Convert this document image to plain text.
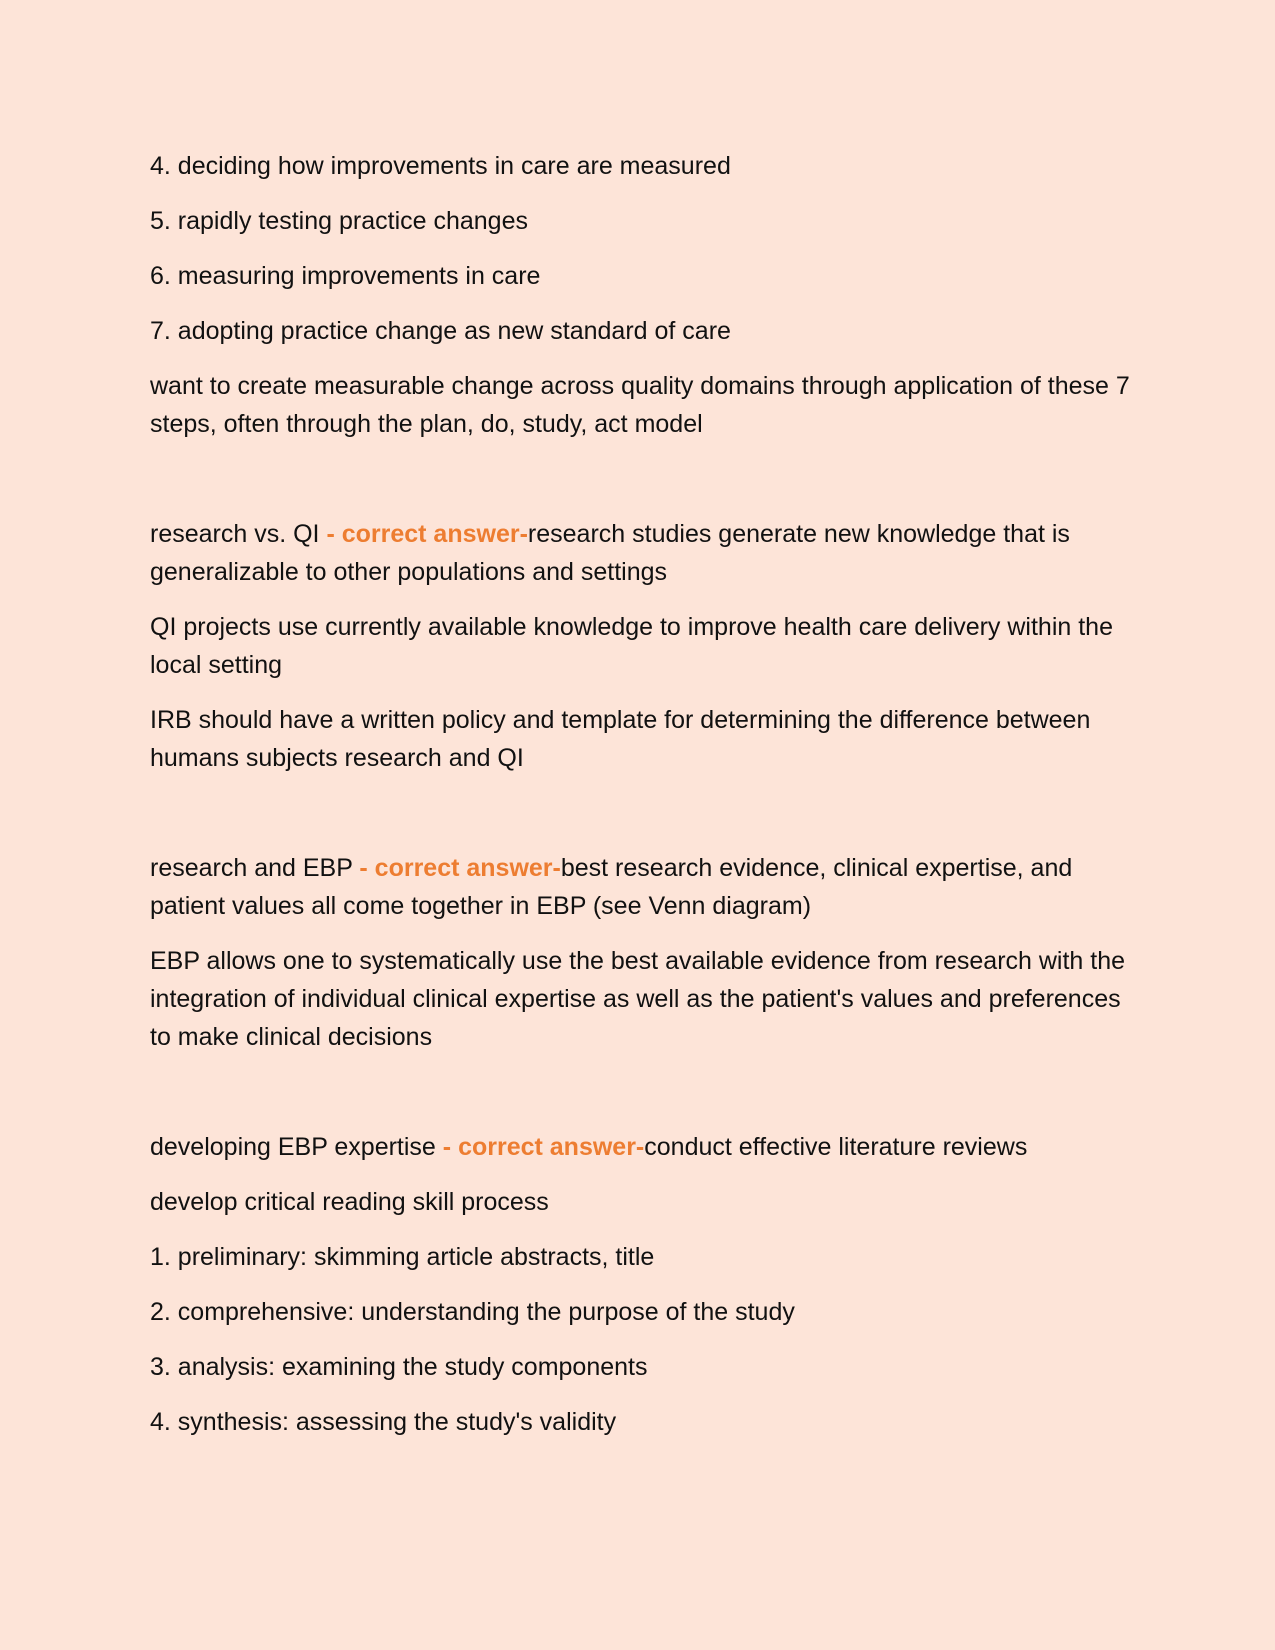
4. deciding how improvements in care are measured

5. rapidly testing practice changes

6. measuring improvements in care

7. adopting practice change as new standard of care

want to create measurable change across quality domains through application of these 7 steps, often through the plan, do, study, act model

research vs. QI - correct answer-research studies generate new knowledge that is generalizable to other populations and settings

QI projects use currently available knowledge to improve health care delivery within the local setting

IRB should have a written policy and template for determining the difference between humans subjects research and QI

research and EBP - correct answer-best research evidence, clinical expertise, and patient values all come together in EBP (see Venn diagram)

EBP allows one to systematically use the best available evidence from research with the integration of individual clinical expertise as well as the patient's values and preferences to make clinical decisions

developing EBP expertise - correct answer-conduct effective literature reviews

develop critical reading skill process

1. preliminary: skimming article abstracts, title

2. comprehensive: understanding the purpose of the study

3. analysis: examining the study components

4. synthesis: assessing the study's validity
